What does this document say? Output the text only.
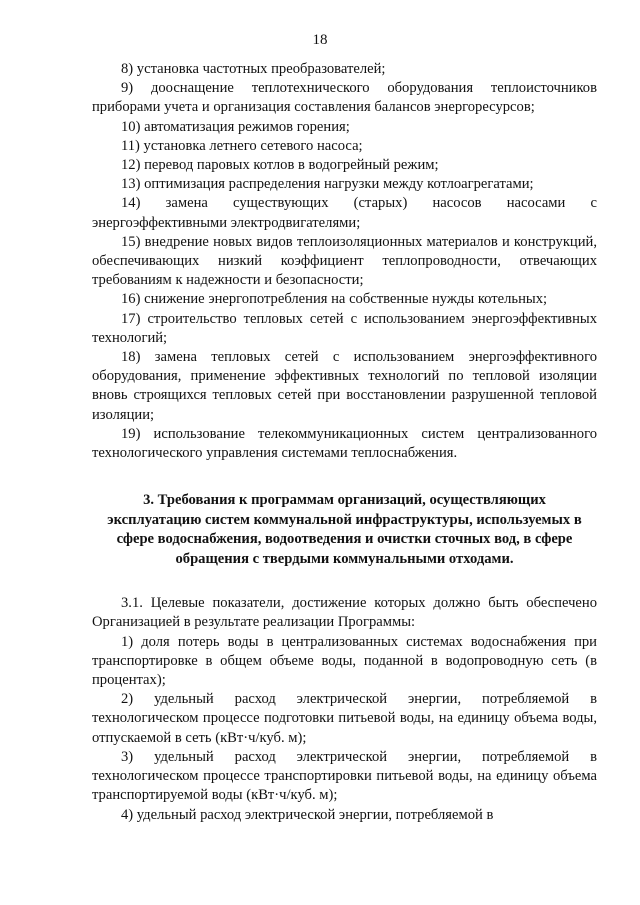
18

8) установка частотных преобразователей;

9) дооснащение теплотехнического оборудования теплоисточников приборами учета и организация составления балансов энергоресурсов;

10) автоматизация режимов горения;

11) установка летнего сетевого насоса;

12) перевод паровых котлов в водогрейный режим;

13) оптимизация распределения нагрузки между котлоагрегатами;

14) замена существующих (старых) насосов насосами с энергоэффективными электродвигателями;

15) внедрение новых видов теплоизоляционных материалов и конструкций, обеспечивающих низкий коэффициент теплопроводности, отвечающих требованиям к надежности и безопасности;

16) снижение энергопотребления на собственные нужды котельных;

17) строительство тепловых сетей с использованием энергоэффективных технологий;

18) замена тепловых сетей с использованием энергоэффективного оборудования, применение эффективных технологий по тепловой изоляции вновь строящихся тепловых сетей при восстановлении разрушенной тепловой изоляции;

19) использование телекоммуникационных систем централизованного технологического управления системами теплоснабжения.

3. Требования к программам организаций, осуществляющих эксплуатацию систем коммунальной инфраструктуры, используемых в сфере водоснабжения, водоотведения и очистки сточных вод, в сфере обращения с твердыми коммунальными отходами.

3.1. Целевые показатели, достижение которых должно быть обеспечено Организацией в результате реализации Программы:

1) доля потерь воды в централизованных системах водоснабжения при транспортировке в общем объеме воды, поданной в водопроводную сеть (в процентах);

2) удельный расход электрической энергии, потребляемой в технологическом процессе подготовки питьевой воды, на единицу объема воды, отпускаемой в сеть (кВт·ч/куб. м);

3) удельный расход электрической энергии, потребляемой в технологическом процессе транспортировки питьевой воды, на единицу объема транспортируемой воды (кВт·ч/куб. м);

4) удельный расход электрической энергии, потребляемой в
